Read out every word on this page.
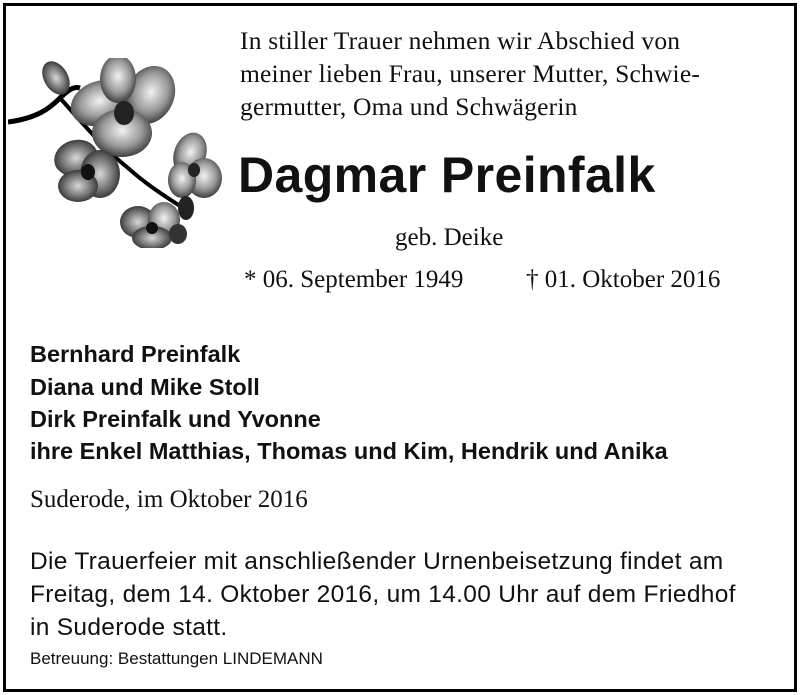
In stiller Trauer nehmen wir Abschied von
meiner lieben Frau, unserer Mutter, Schwie-
germutter, Oma und Schwägerin
Dagmar Preinfalk
geb. Deike
* 06. September 1949	† 01. Oktober 2016
Bernhard Preinfalk
Diana und Mike Stoll
Dirk Preinfalk und Yvonne
ihre Enkel Matthias, Thomas und Kim, Hendrik und Anika
Suderode, im Oktober 2016
Die Trauerfeier mit anschließender Urnenbeisetzung findet am
Freitag, dem 14. Oktober 2016, um 14.00 Uhr auf dem Friedhof
in Suderode statt.
Betreuung: Bestattungen LINDEMANN
